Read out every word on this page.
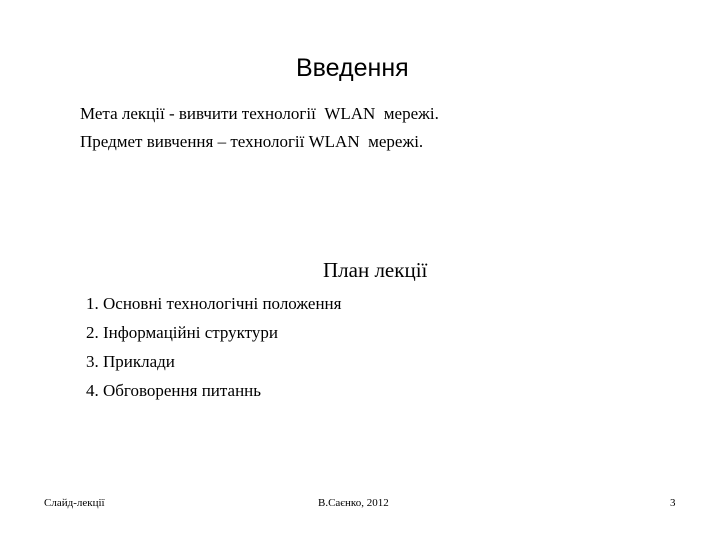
Введення
Мета лекції - вивчити технології  WLAN  мережі.
Предмет вивчення – технології WLAN  мережі.
План лекції
1. Основні технологічні положення
2. Інформаційні структури
3. Приклади
4. Обговорення питаннь
Слайд-лекції	В.Саєнко, 2012	3
